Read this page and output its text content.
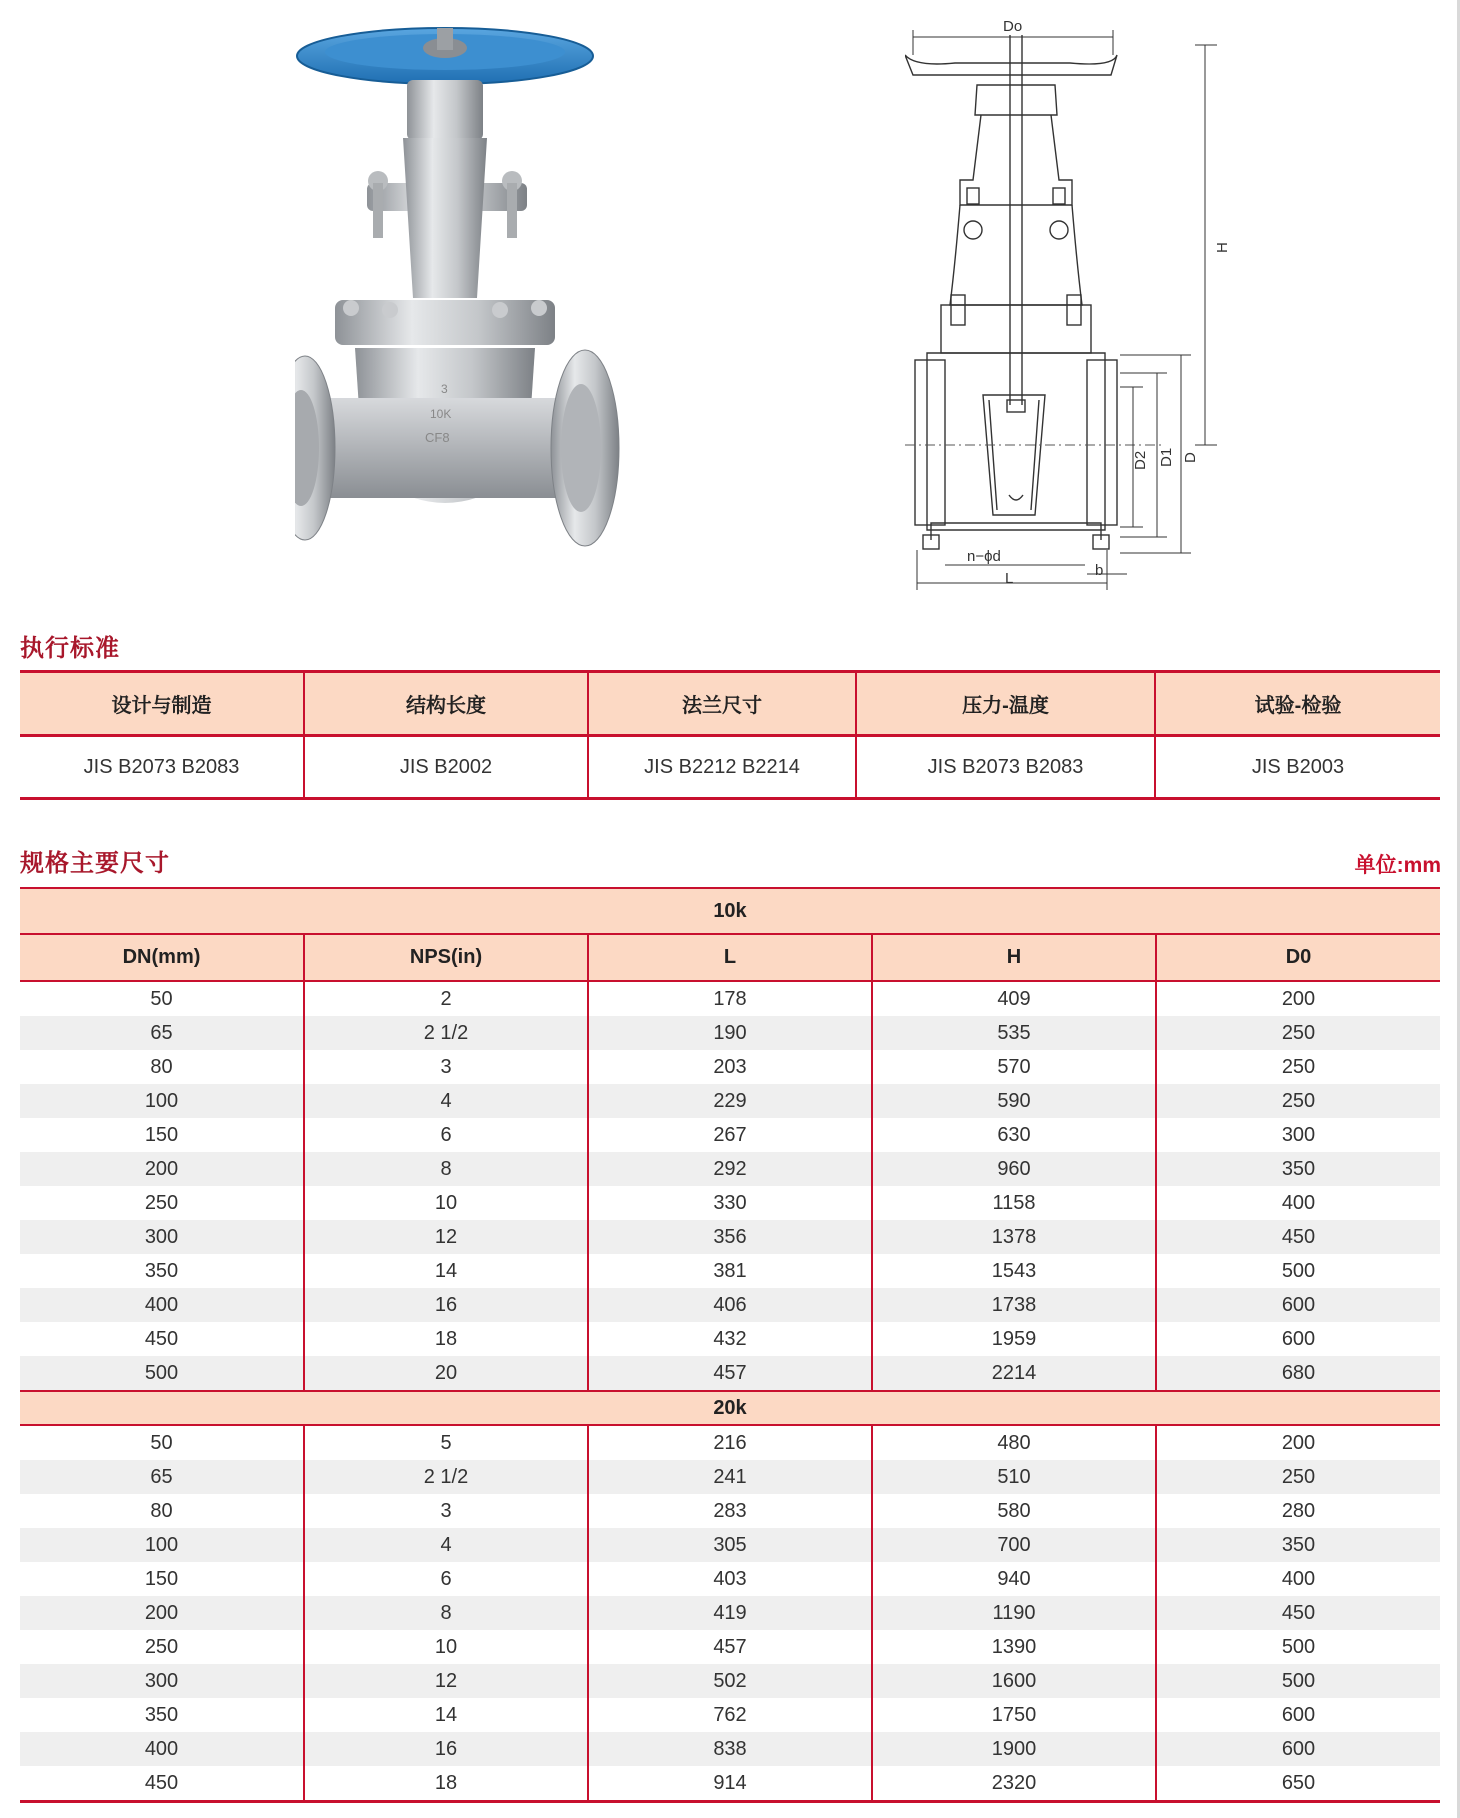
3
10K
CF8
Do
H
D2 D1 D
n−ϕd
L	b
执行标准
设计与制造	结构长度	法兰尺寸	压力-温度	试验-检验
JIS B2073 B2083	JIS B2002	JIS B2212 B2214	JIS B2073 B2083	JIS B2003
规格主要尺寸	单位:mm
10k				
DN(mm)	NPS(in)	L	H	D0
50	2	178	409	200
65	2 1/2	190	535	250
80	3	203	570	250
100	4	229	590	250
150	6	267	630	300
200	8	292	960	350
250	10	330	1158	400
300	12	356	1378	450
350	14	381	1543	500
400	16	406	1738	600
450	18	432	1959	600
500	20	457	2214	680
20k				
50	5	216	480	200
65	2 1/2	241	510	250
80	3	283	580	280
100	4	305	700	350
150	6	403	940	400
200	8	419	1190	450
250	10	457	1390	500
300	12	502	1600	500
350	14	762	1750	600
400	16	838	1900	600
450	18	914	2320	650
